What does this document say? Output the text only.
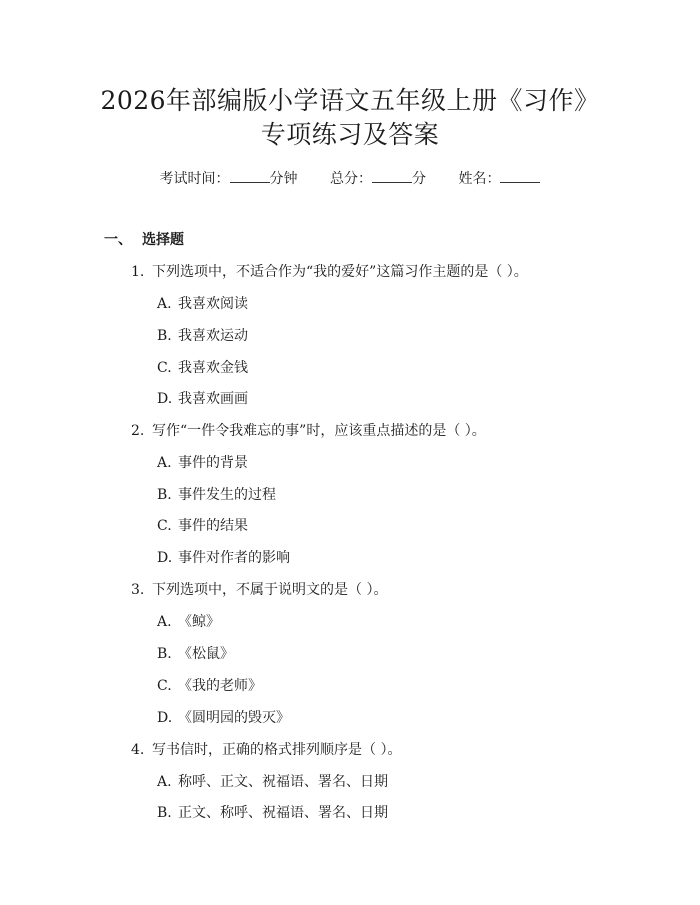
2026年部编版小学语文五年级上册《习作》
专项练习及答案
考试时间：	分钟 总分：	分 姓名：
一、 选择题
1. 下列选项中，不适合作为“我的爱好”这篇习作主题的是（ ）。
A. 我喜欢阅读
B. 我喜欢运动
C. 我喜欢金钱
D. 我喜欢画画
2. 写作“一件令我难忘的事”时，应该重点描述的是（ ）。
A. 事件的背景
B. 事件发生的过程
C. 事件的结果
D. 事件对作者的影响
3. 下列选项中，不属于说明文的是（ ）。
A. 《鲸》
B. 《松鼠》
C. 《我的老师》
D. 《圆明园的毁灭》
4. 写书信时，正确的格式排列顺序是（ ）。
A. 称呼、正文、祝福语、署名、日期
B. 正文、称呼、祝福语、署名、日期
